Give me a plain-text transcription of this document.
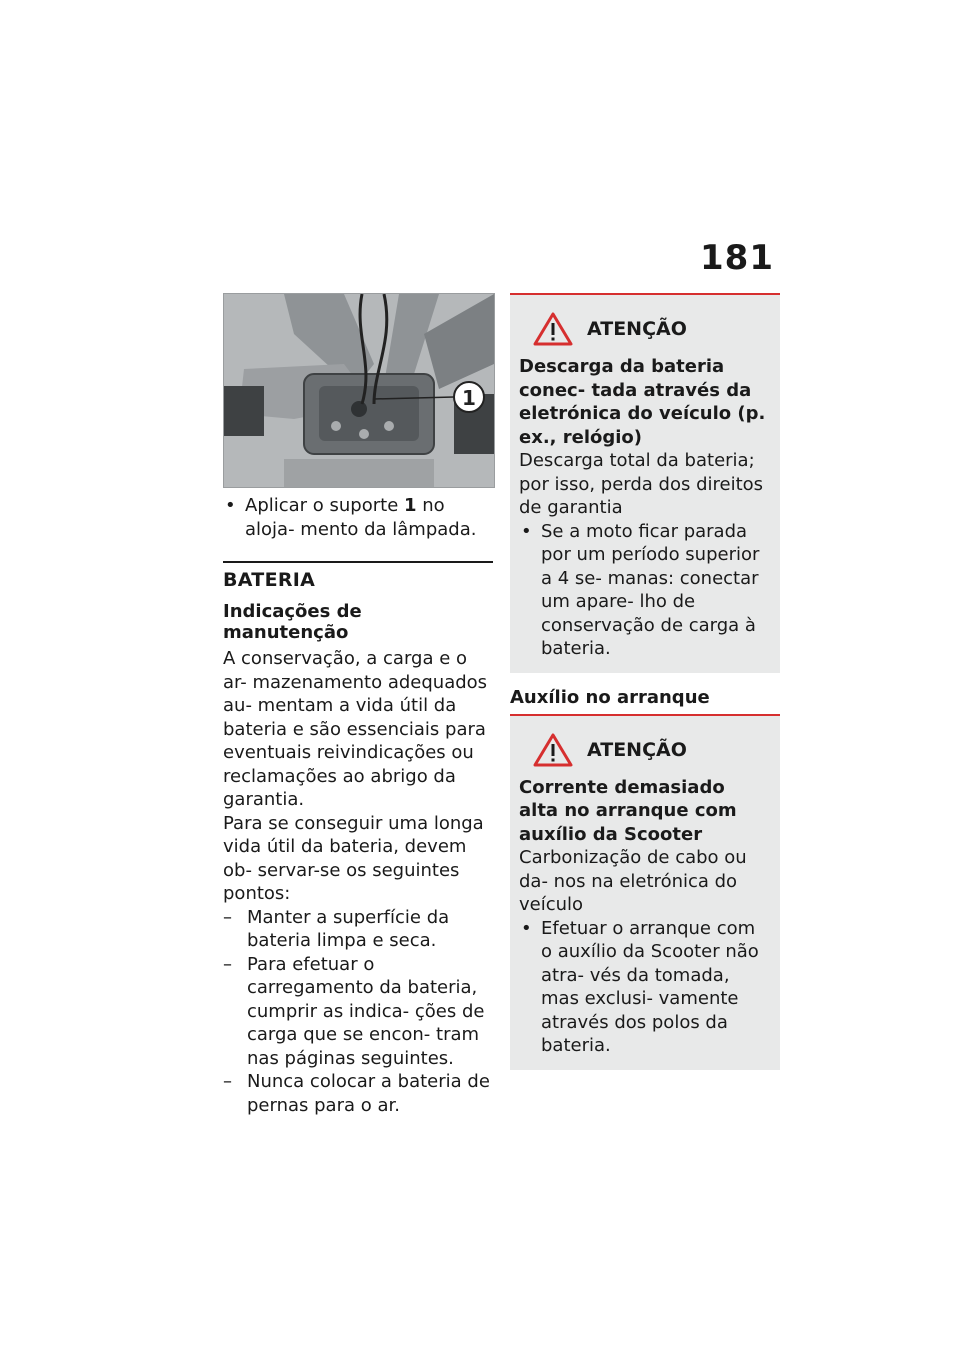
181
1
• Aplicar o suporte 1 no aloja- mento da lâmpada.
BATERIA
Indicações de manutenção
A conservação, a carga e o ar- mazenamento adequados au- mentam a vida útil da bateria e são essenciais para eventuais reivindicações ou reclamações ao abrigo da garantia.
Para se conseguir uma longa vida útil da bateria, devem ob- servar-se os seguintes pontos:
– Manter a superfície da bateria limpa e seca.
– Para efetuar o carregamento da bateria, cumprir as indica- ções de carga que se encon- tram nas páginas seguintes.
– Nunca colocar a bateria de pernas para o ar.
ATENÇÃO
Descarga da bateria conec- tada através da eletrónica do veículo (p. ex., relógio)
Descarga total da bateria; por isso, perda dos direitos de garantia
• Se a moto ficar parada por um período superior a 4 se- manas: conectar um apare- lho de conservação de carga à bateria.
Auxílio no arranque
ATENÇÃO
Corrente demasiado alta no arranque com auxílio da Scooter
Carbonização de cabo ou da- nos na eletrónica do veículo
• Efetuar o arranque com o auxílio da Scooter não atra- vés da tomada, mas exclusi- vamente através dos polos da bateria.
